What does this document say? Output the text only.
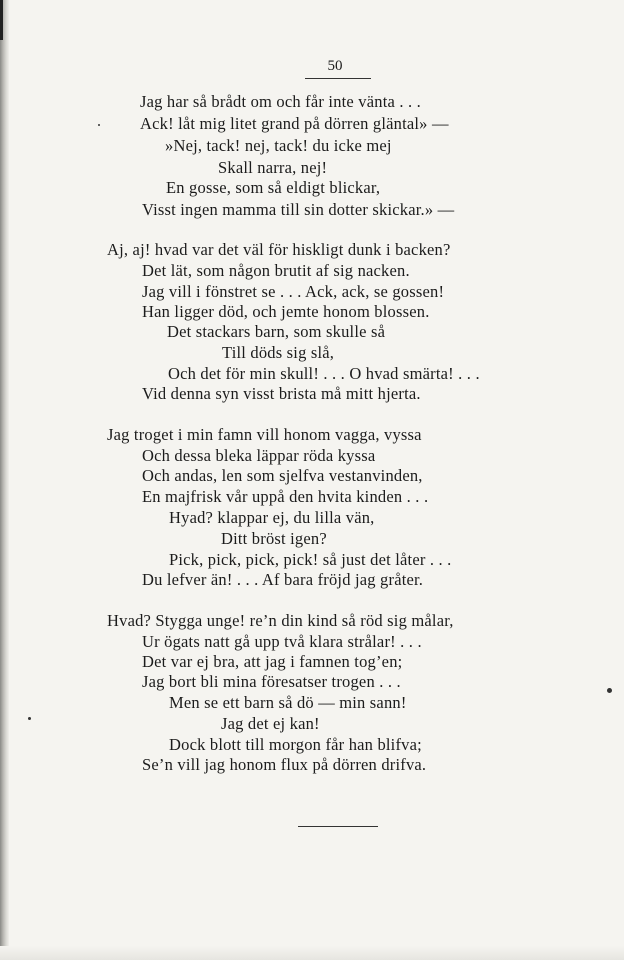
50
Jag har så brådt om och får inte vänta . . .
Ack! låt mig litet grand på dörren gläntal» —
»Nej, tack! nej, tack! du icke mej
Skall narra, nej!
En gosse, som så eldigt blickar,
Visst ingen mamma till sin dotter skickar.» —
Aj, aj! hvad var det väl för hiskligt dunk i backen?
Det lät, som någon brutit af sig nacken.
Jag vill i fönstret se . . . Ack, ack, se gossen!
Han ligger död, och jemte honom blossen.
Det stackars barn, som skulle så
Till döds sig slå,
Och det för min skull! . . . O hvad smärta! . . .
Vid denna syn visst brista må mitt hjerta.
Jag troget i min famn vill honom vagga, vyssa
Och dessa bleka läppar röda kyssa
Och andas, len som sjelfva vestanvinden,
En majfrisk vår uppå den hvita kinden . . .
Hyad? klappar ej, du lilla vän,
Ditt bröst igen?
Pick, pick, pick, pick! så just det låter . . .
Du lefver än! . . . Af bara fröjd jag gråter.
Hvad? Stygga unge! re’n din kind så röd sig målar,
Ur ögats natt gå upp två klara strålar! . . .
Det var ej bra, att jag i famnen tog’en;
Jag bort bli mina föresatser trogen . . .
Men se ett barn så dö — min sann!
Jag det ej kan!
Dock blott till morgon får han blifva;
Se’n vill jag honom flux på dörren drifva.
